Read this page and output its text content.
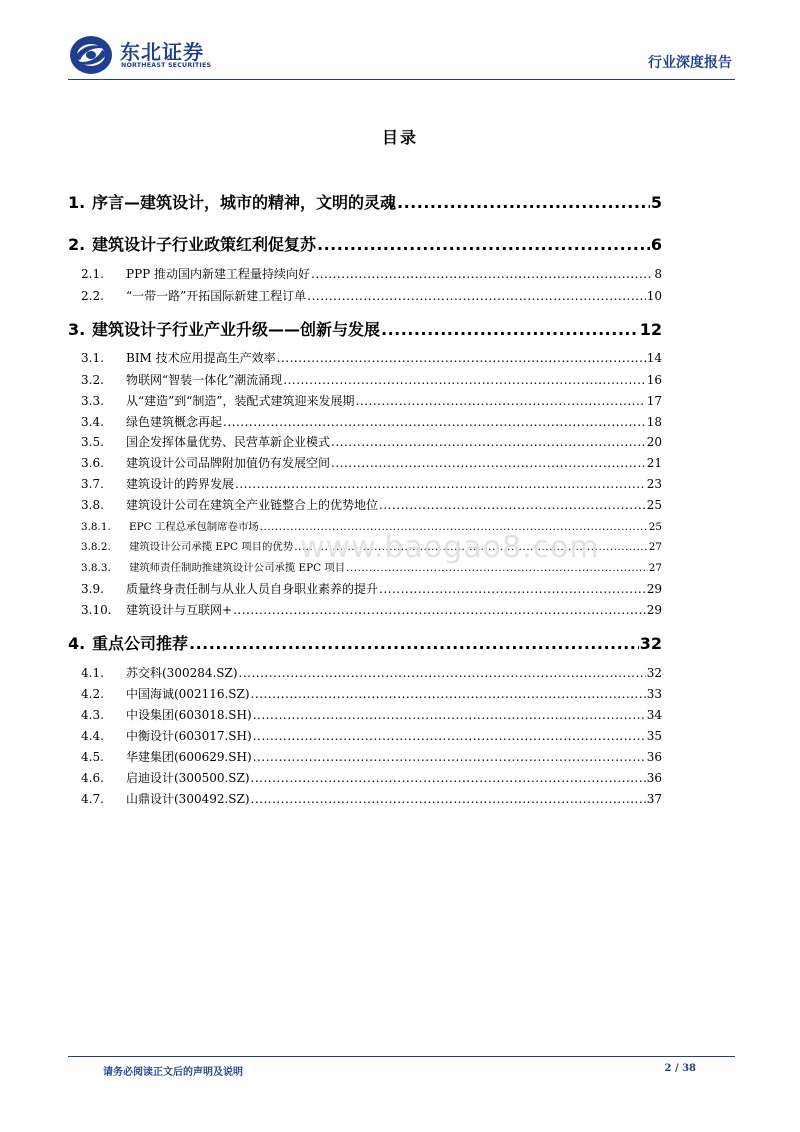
东北证券
NORTHEAST SECURITIES	行业深度报告
目录
1. 序言—建筑设计，城市的精神，文明的灵魂 .....	5
2. 建筑设计子行业政策红利促复苏 .....	6
2.1.	PPP 推动国内新建工程量持续向好 .....	8
2.2.	“一带一路”开拓国际新建工程订单 .....	10
3. 建筑设计子行业产业升级——创新与发展 .....	12
3.1.	BIM 技术应用提高生产效率 .....	14
3.2.	物联网“智装一体化”潮流涌现 .....	16
3.3.	从“建造”到“制造”，装配式建筑迎来发展期 .....	17
3.4.	绿色建筑概念再起 .....	18
3.5.	国企发挥体量优势、民营革新企业模式 .....	20
3.6.	建筑设计公司品牌附加值仍有发展空间 .....	21
3.7.	建筑设计的跨界发展 .....	23
3.8.	建筑设计公司在建筑全产业链整合上的优势地位 .....	25
3.8.1.	EPC 工程总承包制席卷市场 .....	25
3.8.2.	建筑设计公司承揽 EPC 项目的优势 .....	27
3.8.3.	建筑师责任制助推建筑设计公司承揽 EPC 项目 .....	27
3.9.	质量终身责任制与从业人员自身职业素养的提升 .....	29
3.10.	建筑设计与互联网+ .....	29
4. 重点公司推荐 .....	32
4.1.	苏交科(300284.SZ) .....	32
4.2.	中国海诚(002116.SZ) .....	33
4.3.	中设集团(603018.SH) .....	34
4.4.	中衡设计(603017.SH) .....	35
4.5.	华建集团(600629.SH) .....	36
4.6.	启迪设计(300500.SZ) .....	36
4.7.	山鼎设计(300492.SZ) .....	37
www.baogao8.com
请务必阅读正文后的声明及说明	2 / 38
